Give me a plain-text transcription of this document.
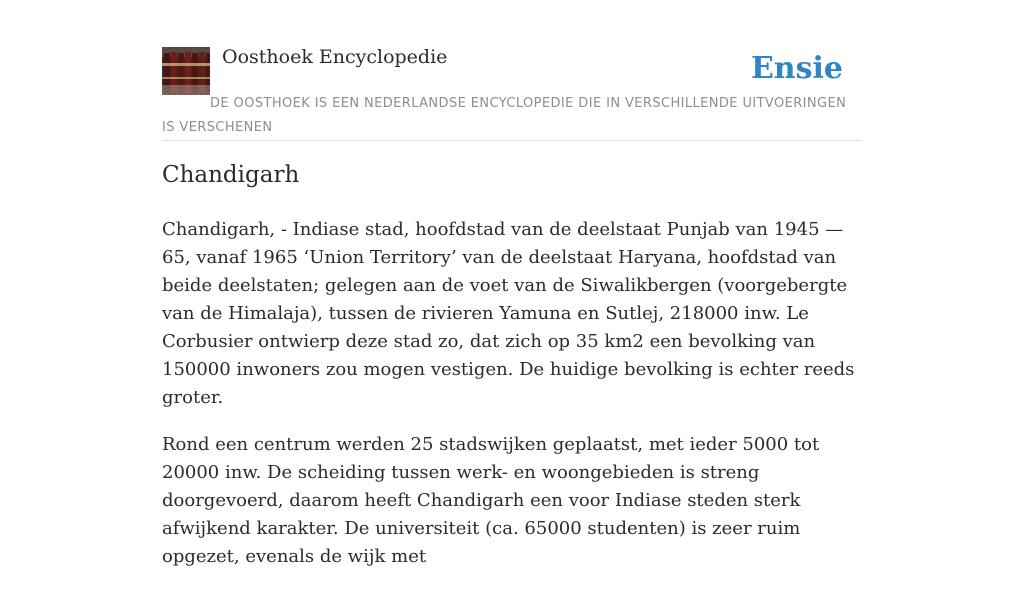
Oosthoek Encyclopedie	Ensie
DE OOSTHOEK IS EEN NEDERLANDSE ENCYCLOPEDIE DIE IN VERSCHILLENDE UITVOERINGEN IS VERSCHENEN
Chandigarh

Chandigarh, - Indiase stad, hoofdstad van de deelstaat Punjab van 1945 — 65, vanaf 1965 ‘Union Territory’ van de deelstaat Haryana, hoofdstad van beide deelstaten; gelegen aan de voet van de Siwalikbergen (voorgebergte van de Himalaja), tussen de rivieren Yamuna en Sutlej, 218000 inw. Le Corbusier ontwierp deze stad zo, dat zich op 35 km2 een bevolking van 150000 inwoners zou mogen vestigen. De huidige bevolking is echter reeds groter.

Rond een centrum werden 25 stadswijken geplaatst, met ieder 5000 tot 20000 inw. De scheiding tussen werk- en woongebieden is streng doorgevoerd, daarom heeft Chandigarh een voor Indiase steden sterk afwijkend karakter. De universiteit (ca. 65000 studenten) is zeer ruim opgezet, evenals de wijk met
